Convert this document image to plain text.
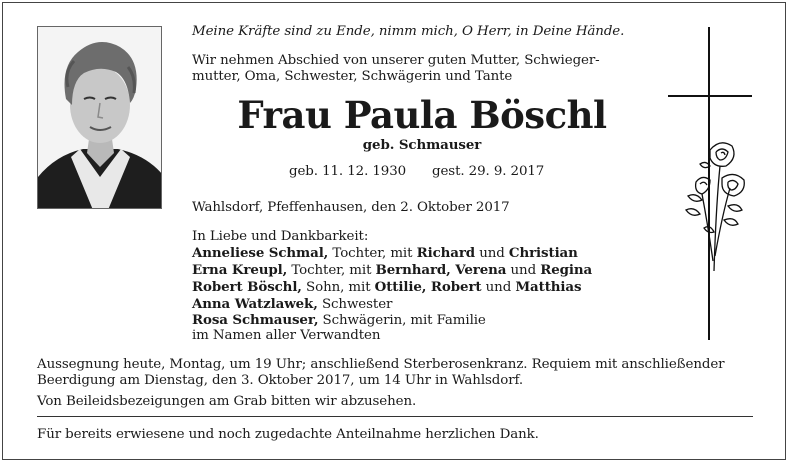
Meine Kräfte sind zu Ende, nimm mich, O Herr, in Deine Hände.
Wir nehmen Abschied von unserer guten Mutter, Schwieger-
mutter, Oma, Schwester, Schwägerin und Tante
Frau Paula Böschl
geb. Schmauser
geb. 11. 12. 1930 gest. 29. 9. 2017
Wahlsdorf, Pfeffenhausen, den 2. Oktober 2017
In Liebe und Dankbarkeit:
Anneliese Schmal, Tochter, mit Richard und Christian
Erna Kreupl, Tochter, mit Bernhard, Verena und Regina
Robert Böschl, Sohn, mit Ottilie, Robert und Matthias
Anna Watzlawek, Schwester
Rosa Schmauser, Schwägerin, mit Familie
im Namen aller Verwandten
Aussegnung heute, Montag, um 19 Uhr; anschließend Sterberosenkranz. Requiem mit anschließender
Beerdigung am Dienstag, den 3. Oktober 2017, um 14 Uhr in Wahlsdorf.
Von Beileidsbezeigungen am Grab bitten wir abzusehen.
Für bereits erwiesene und noch zugedachte Anteilnahme herzlichen Dank.
